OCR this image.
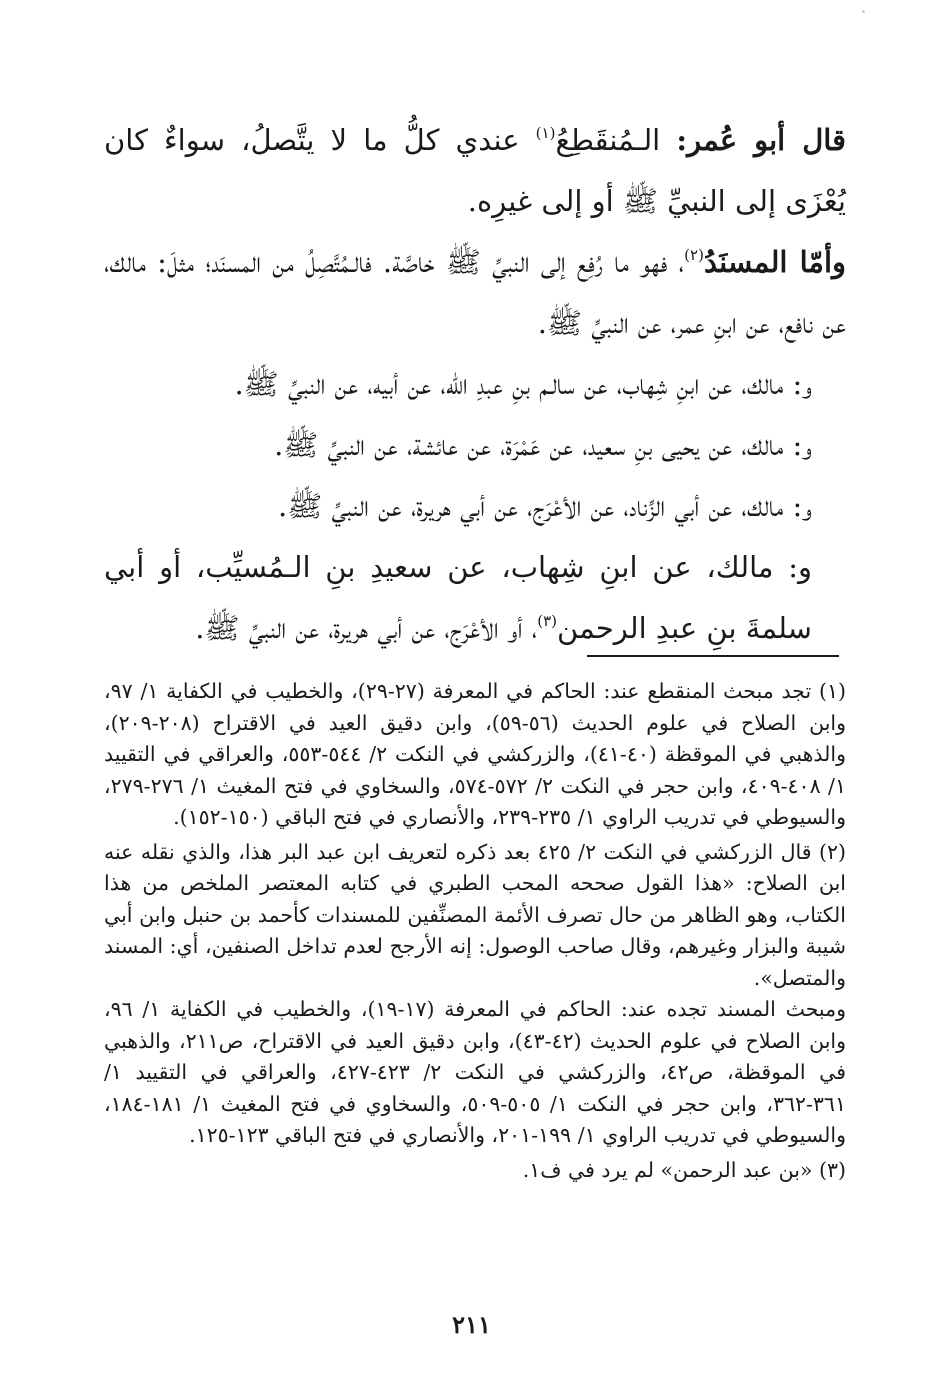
قال أبو عُمر: الـمُنقَطِعُ$^{(١)}$ عندي كلُّ ما لا يتَّصلُ، سواءٌ كان يُعْزَى إلى النبيِّ ﷺ أو إلى غيرِه.

وأمّا المسنَدُ$^{(٢)}$، فهو ما رُفِع إلى النبيِّ ﷺ خاصَّة. فالـمُتَّصِلُ من المسنَد؛ مثلَ: مالك، عن نافع، عن ابنِ عمر، عن النبيِّ ﷺ.

و: مالك، عن ابنِ شِهاب، عن سالـم بنِ عبدِ الله، عن أبيه، عن النبيِّ ﷺ.

و: مالك، عن يحيى بنِ سعيد، عن عَمْرَة، عن عائشة، عن النبيِّ ﷺ.

و: مالك، عن أبي الزِّناد، عن الأعْرَج، عن أبي هريرة، عن النبيِّ ﷺ.

و: مالك، عن ابنِ شِهاب، عن سعيدِ بنِ الـمُسيِّب، أو أبي سلمةَ بنِ عبدِ الرحمن$^{(٣)}$، أو الأعْرَج، عن أبي هريرة، عن النبيِّ ﷺ.

(١) تجد مبحث المنقطع عند: الحاكم في المعرفة (٢٧-٢٩)، والخطيب في الكفاية ١/ ٩٧، وابن الصلاح في علوم الحديث (٥٦-٥٩)، وابن دقيق العيد في الاقتراح (٢٠٨-٢٠٩)، والذهبي في الموقظة (٤٠-٤١)، والزركشي في النكت ٢/ ٥٤٤-٥٥٣، والعراقي في التقييد ١/ ٤٠٨-٤٠٩، وابن حجر في النكت ٢/ ٥٧٢-٥٧٤، والسخاوي في فتح المغيث ١/ ٢٧٦-٢٧٩، والسيوطي في تدريب الراوي ١/ ٢٣٥-٢٣٩، والأنصاري في فتح الباقي (١٥٠-١٥٢).

(٢) قال الزركشي في النكت ٢/ ٤٢٥ بعد ذكره لتعريف ابن عبد البر هذا، والذي نقله عنه ابن الصلاح: «هذا القول صححه المحب الطبري في كتابه المعتصر الملخص من هذا الكتاب، وهو الظاهر من حال تصرف الأئمة المصنِّفين للمسندات كأحمد بن حنبل وابن أبي شيبة والبزار وغيرهم، وقال صاحب الوصول: إنه الأرجح لعدم تداخل الصنفين، أي: المسند والمتصل».

ومبحث المسند تجده عند: الحاكم في المعرفة (١٧-١٩)، والخطيب في الكفاية ١/ ٩٦، وابن الصلاح في علوم الحديث (٤٢-٤٣)، وابن دقيق العيد في الاقتراح، ص٢١١، والذهبي في الموقظة، ص٤٢، والزركشي في النكت ٢/ ٤٢٣-٤٢٧، والعراقي في التقييد ١/ ٣٦١-٣٦٢، وابن حجر في النكت ١/ ٥٠٥-٥٠٩، والسخاوي في فتح المغيث ١/ ١٨١-١٨٤، والسيوطي في تدريب الراوي ١/ ١٩٩-٢٠١، والأنصاري في فتح الباقي ١٢٣-١٢٥.

(٣) «بن عبد الرحمن» لم يرد في ف١.

٢١١
